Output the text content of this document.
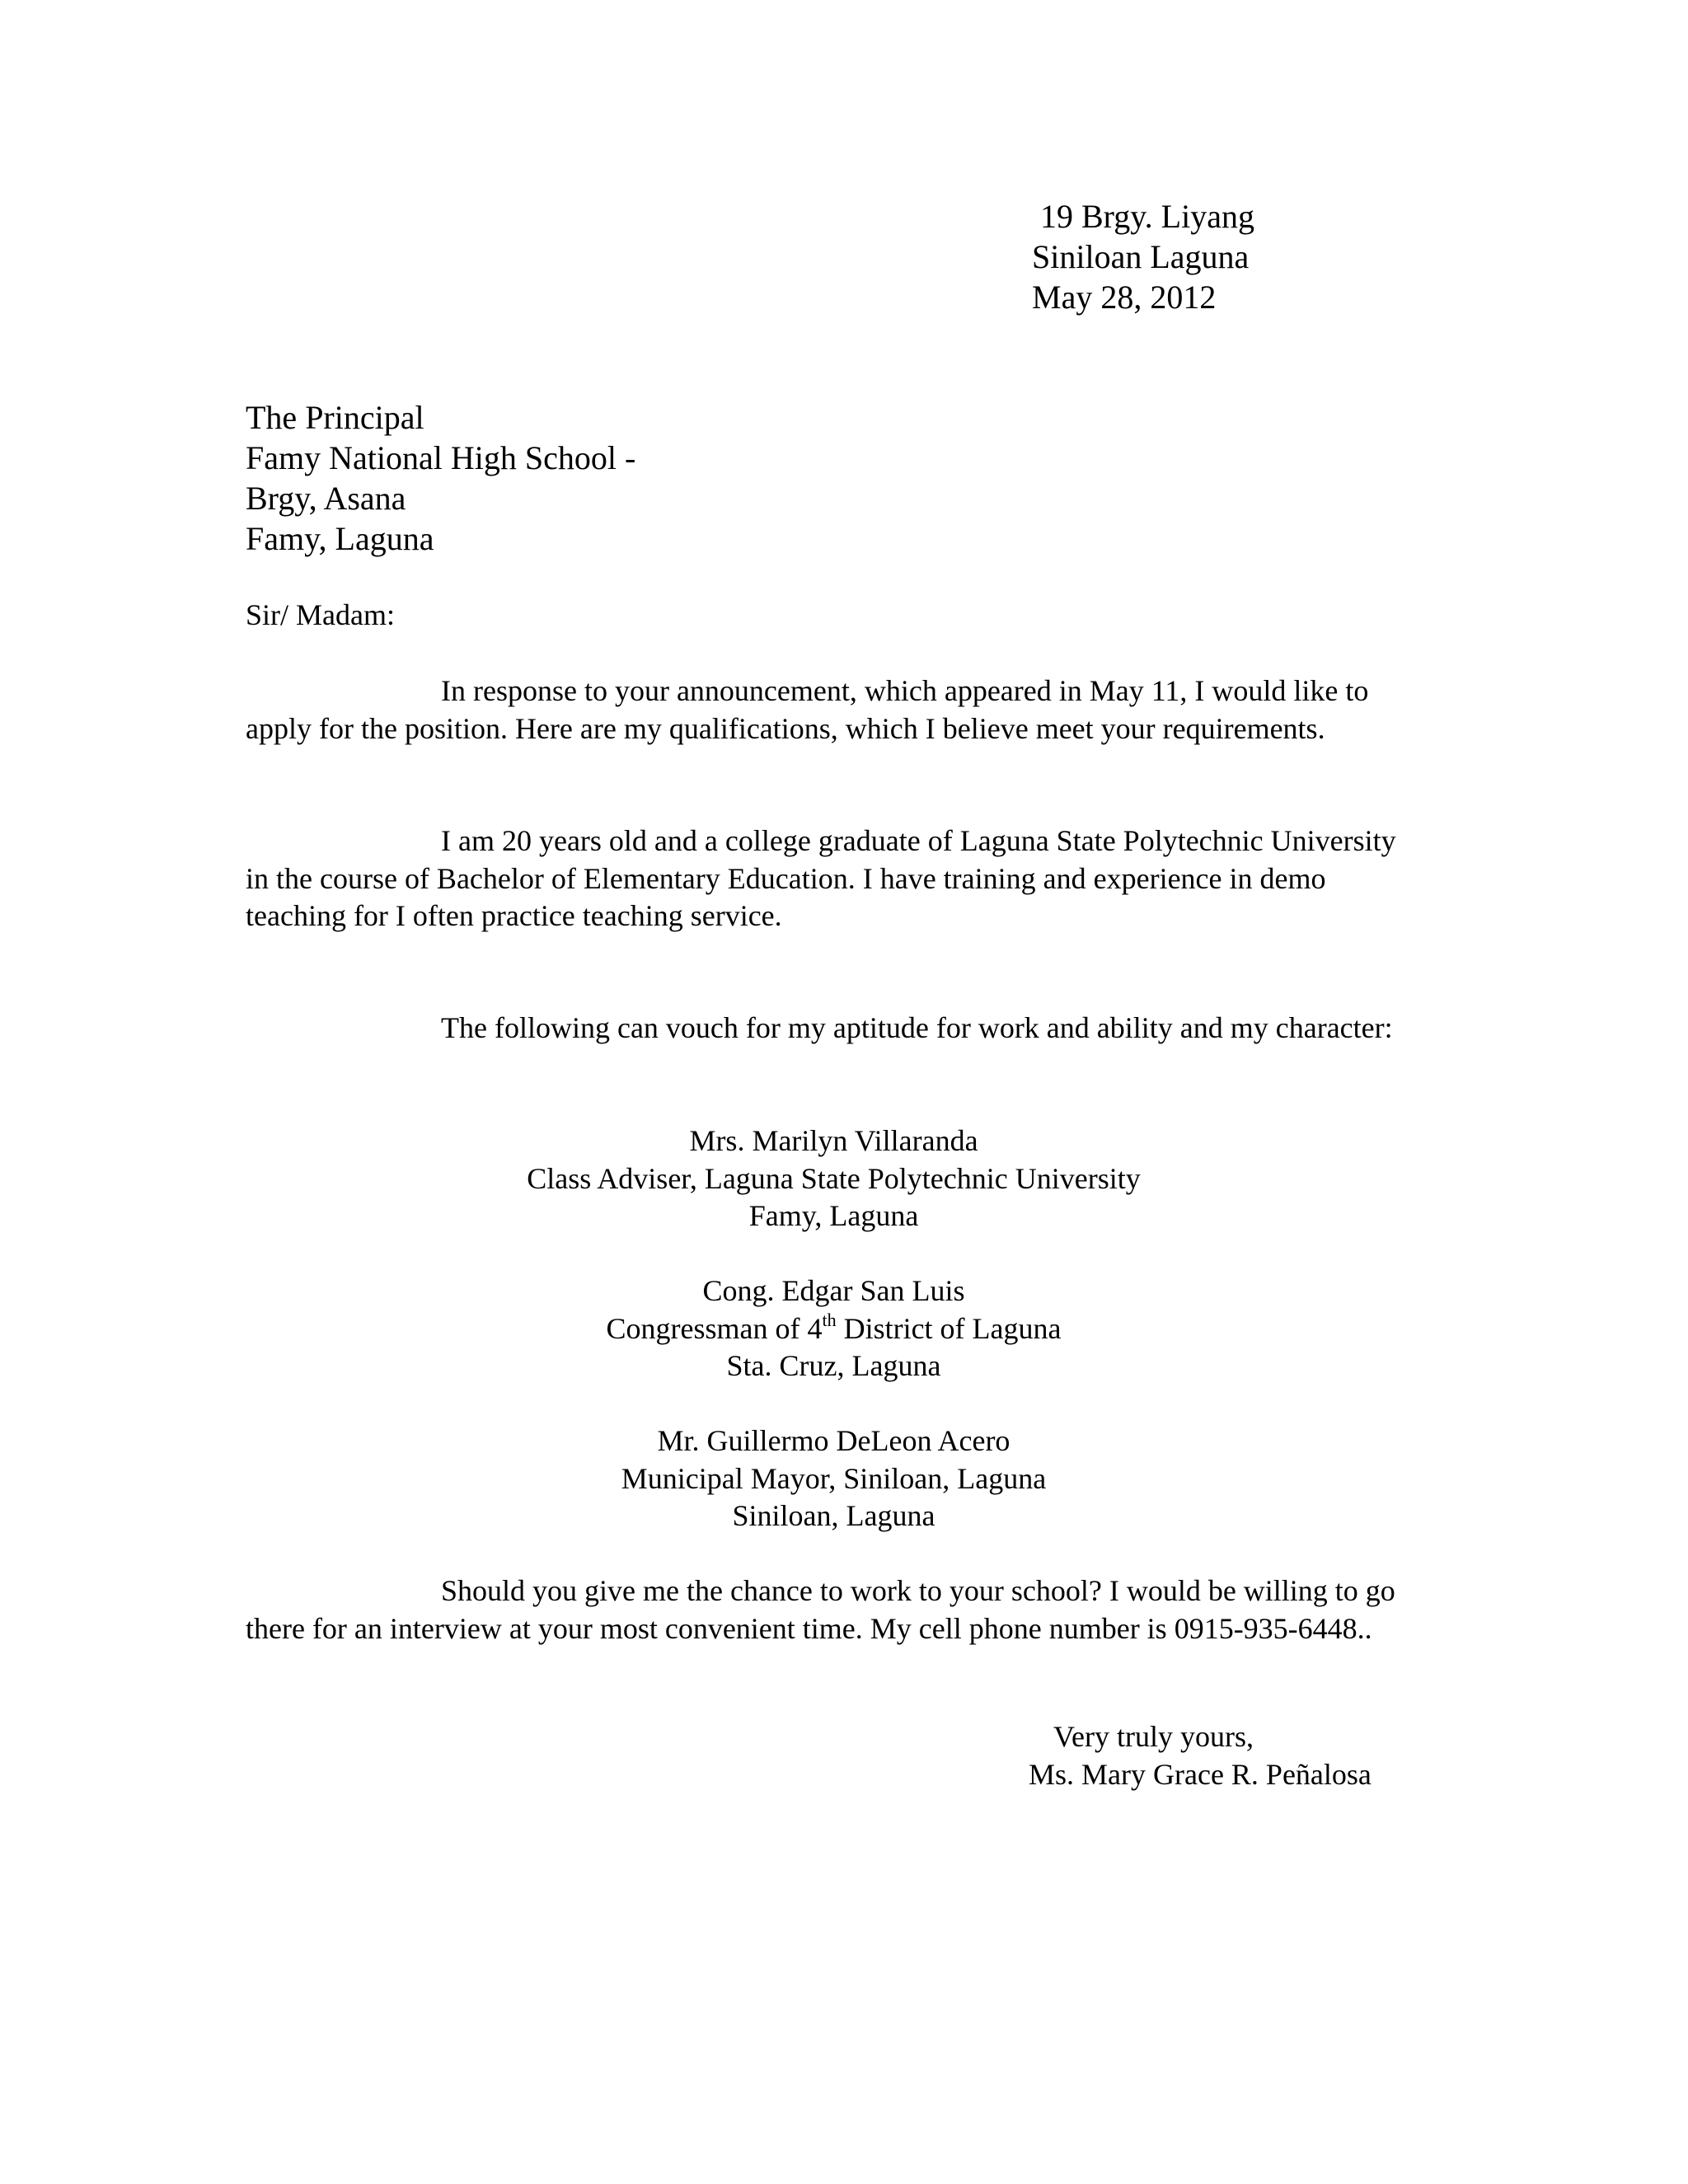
19 Brgy. Liyang
Siniloan Laguna
May 28, 2012
The Principal
Famy National High School -
Brgy, Asana
Famy, Laguna
Sir/ Madam:
In response to your announcement, which appeared in May 11, I would like to apply for the position. Here are my qualifications, which I believe meet your requirements.
I am 20 years old and a college graduate of Laguna State Polytechnic University in the course of Bachelor of Elementary Education. I have training and experience in demo teaching for I often practice teaching service.
The following can vouch for my aptitude for work and ability and my character:
Mrs. Marilyn Villaranda
Class Adviser, Laguna State Polytechnic University
Famy, Laguna
Cong. Edgar San Luis
Congressman of 4th District of Laguna
Sta. Cruz, Laguna
Mr. Guillermo DeLeon Acero
Municipal Mayor, Siniloan, Laguna
Siniloan, Laguna
Should you give me the chance to work to your school? I would be willing to go there for an interview at your most convenient time. My cell phone number is 0915-935-6448..
Very truly yours,
Ms. Mary Grace R. Peñalosa
